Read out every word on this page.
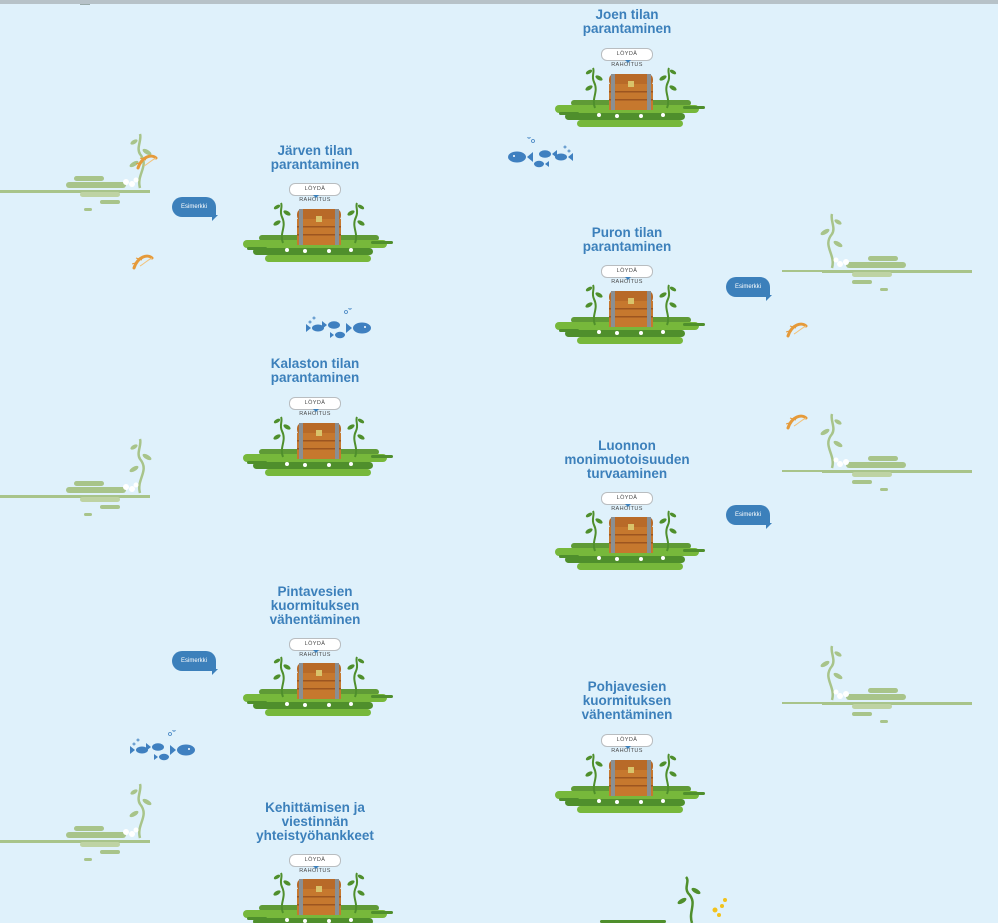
Esimerkki
Esimerkki
Esimerkki
Esimerkki
Joen tilan
parantaminen
LÖYDÄ RAHOITUS
Järven tilan
parantaminen
LÖYDÄ RAHOITUS
Puron tilan
parantaminen
LÖYDÄ RAHOITUS
Kalaston tilan
parantaminen
LÖYDÄ RAHOITUS
Luonnon
monimuotoisuuden
turvaaminen
LÖYDÄ RAHOITUS
Pintavesien
kuormituksen
vähentäminen
LÖYDÄ RAHOITUS
Pohjavesien
kuormituksen
vähentäminen
LÖYDÄ RAHOITUS
Kehittämisen ja
viestinnän
yhteistyöhankkeet
LÖYDÄ RAHOITUS
